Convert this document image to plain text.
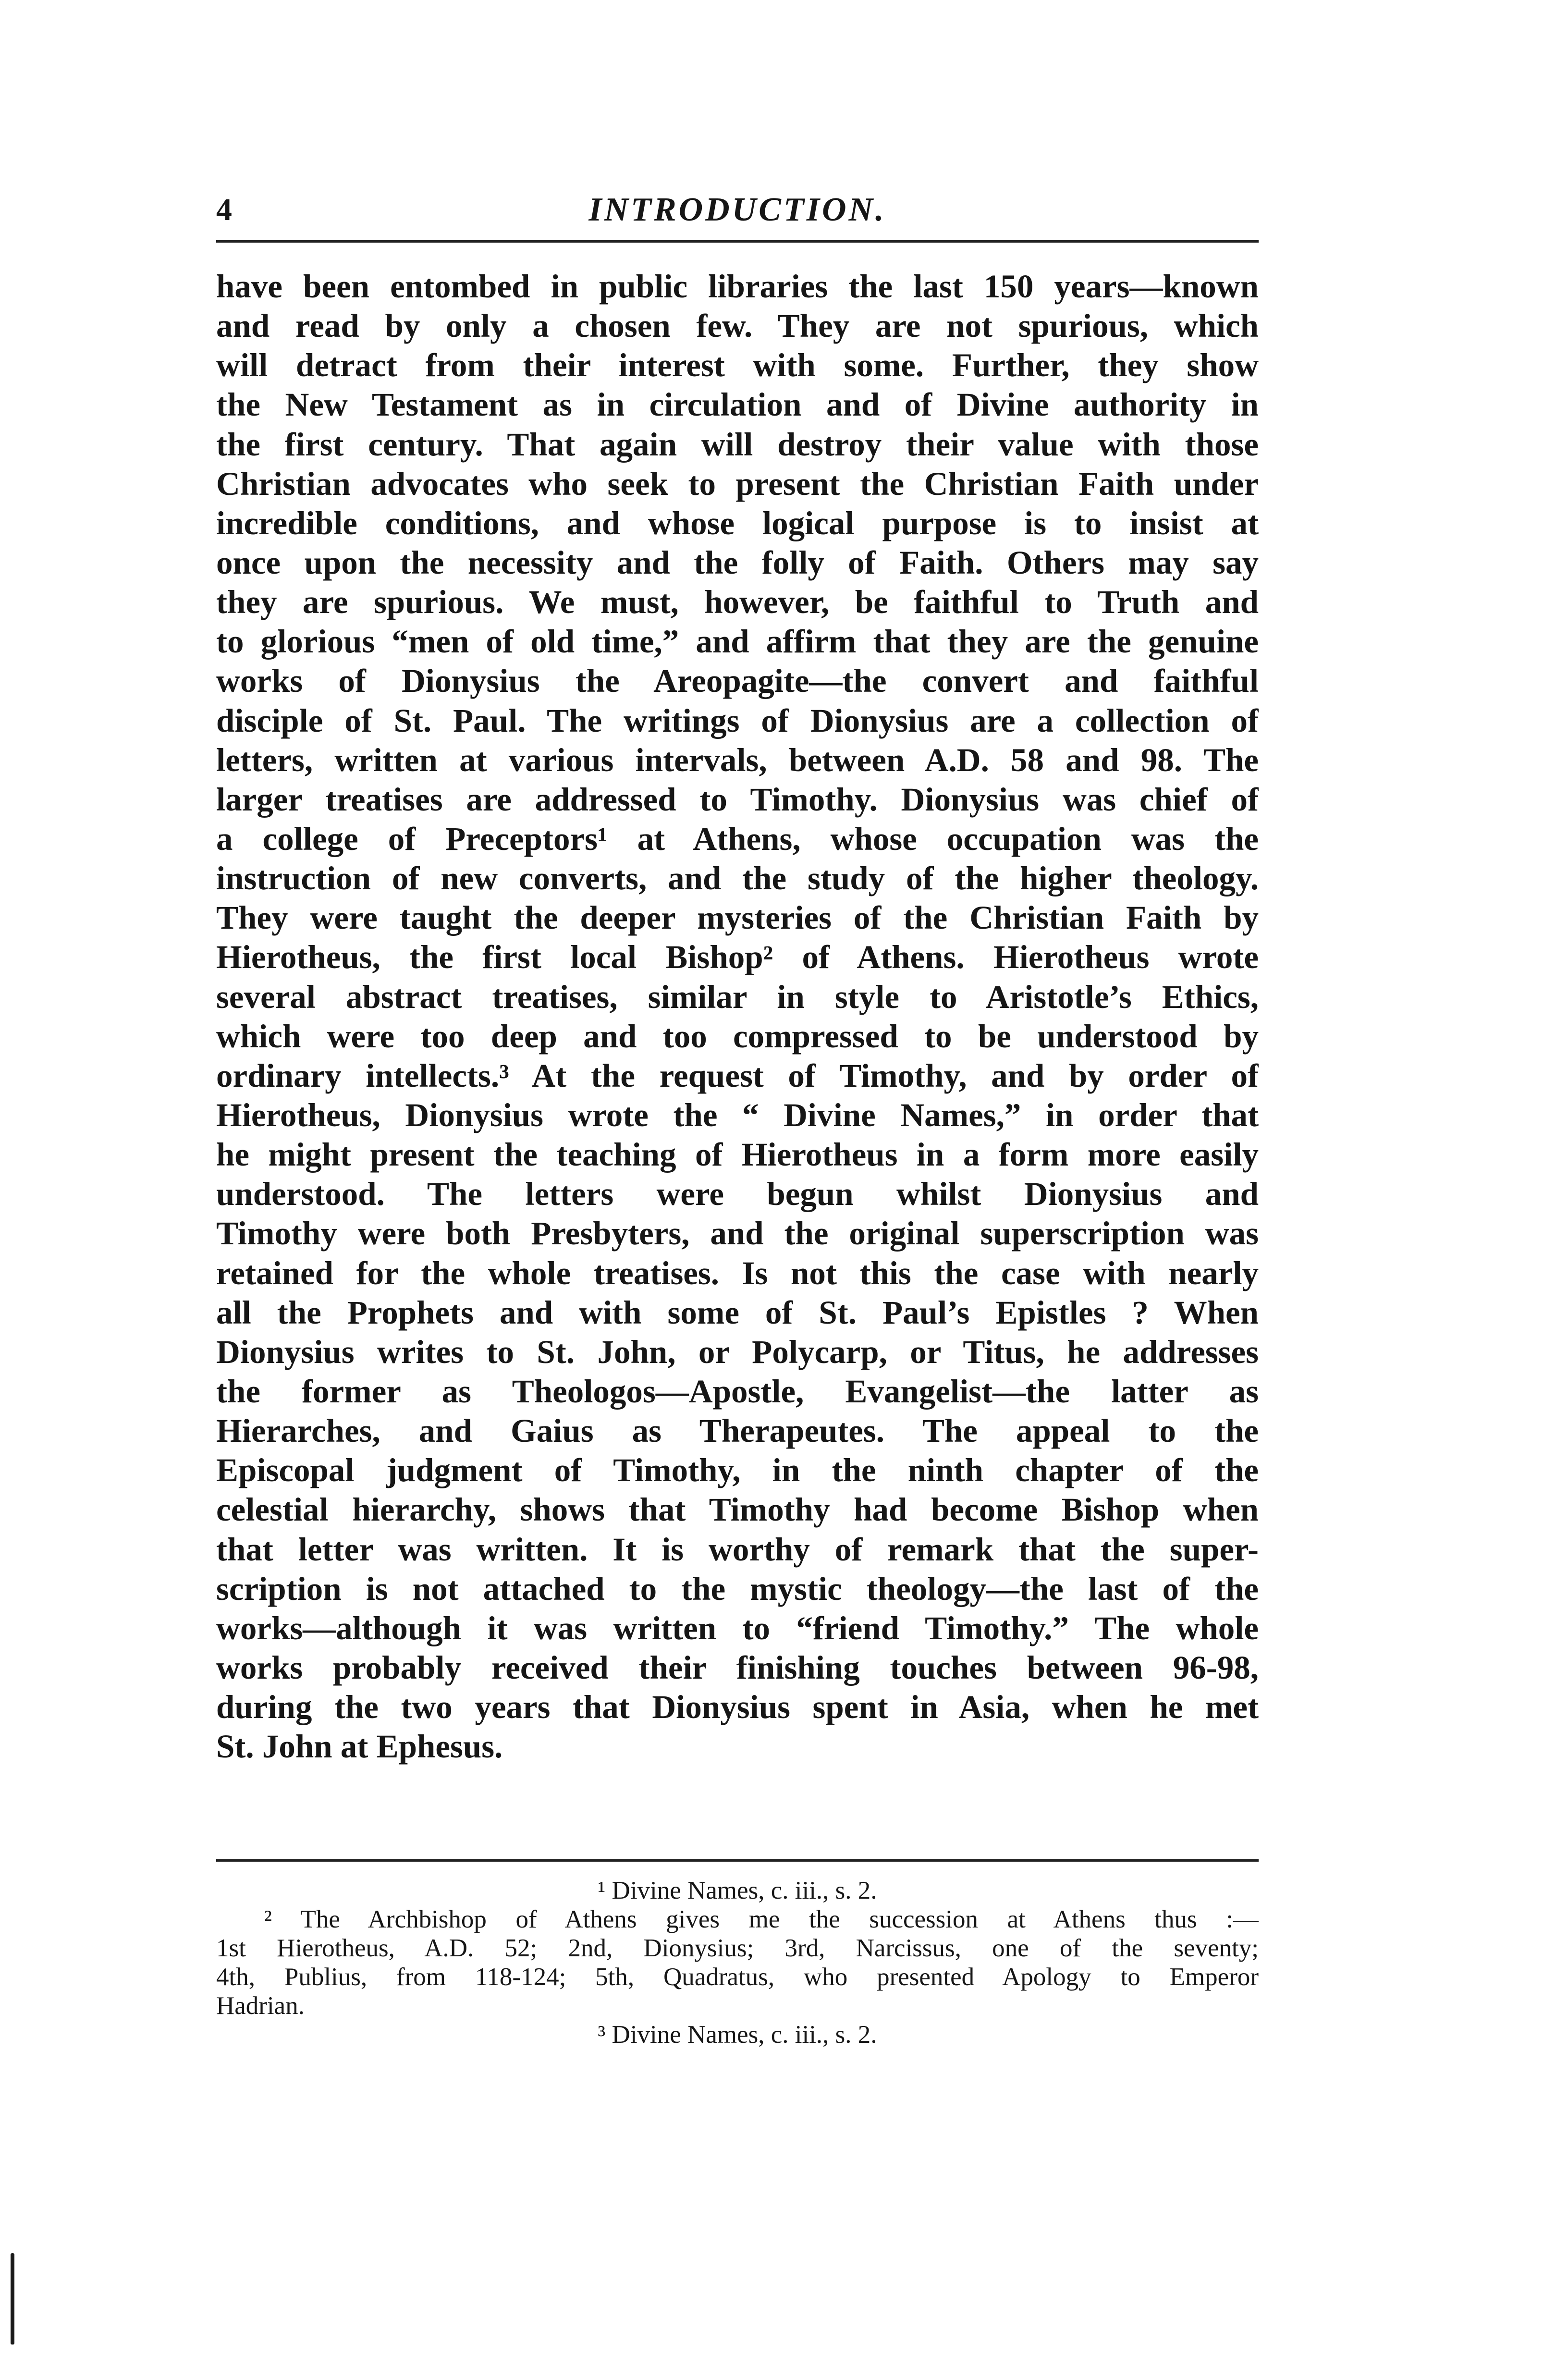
4	INTRODUCTION.
have been entombed in public libraries the last 150 years—known
and read by only a chosen few. They are not spurious, which
will detract from their interest with some. Further, they show
the New Testament as in circulation and of Divine authority in
the first century. That again will destroy their value with those
Christian advocates who seek to present the Christian Faith under
incredible conditions, and whose logical purpose is to insist at
once upon the necessity and the folly of Faith. Others may say
they are spurious. We must, however, be faithful to Truth and
to glorious “men of old time,” and affirm that they are the genuine
works of Dionysius the Areopagite—the convert and faithful
disciple of St. Paul. The writings of Dionysius are a collection of
letters, written at various intervals, between A.D. 58 and 98. The
larger treatises are addressed to Timothy. Dionysius was chief of
a college of Preceptors¹ at Athens, whose occupation was the
instruction of new converts, and the study of the higher theology.
They were taught the deeper mysteries of the Christian Faith by
Hierotheus, the first local Bishop² of Athens. Hierotheus wrote
several abstract treatises, similar in style to Aristotle’s Ethics,
which were too deep and too compressed to be understood by
ordinary intellects.³ At the request of Timothy, and by order of
Hierotheus, Dionysius wrote the “ Divine Names,” in order that
he might present the teaching of Hierotheus in a form more easily
understood. The letters were begun whilst Dionysius and
Timothy were both Presbyters, and the original superscription was
retained for the whole treatises. Is not this the case with nearly
all the Prophets and with some of St. Paul’s Epistles ? When
Dionysius writes to St. John, or Polycarp, or Titus, he addresses
the former as Theologos—Apostle, Evangelist—the latter as
Hierarches, and Gaius as Therapeutes. The appeal to the
Episcopal judgment of Timothy, in the ninth chapter of the
celestial hierarchy, shows that Timothy had become Bishop when
that letter was written. It is worthy of remark that the super-
scription is not attached to the mystic theology—the last of the
works—although it was written to “friend Timothy.” The whole
works probably received their finishing touches between 96-98,
during the two years that Dionysius spent in Asia, when he met
St. John at Ephesus.
¹ Divine Names, c. iii., s. 2.
² The Archbishop of Athens gives me the succession at Athens thus :—
1st Hierotheus, A.D. 52; 2nd, Dionysius; 3rd, Narcissus, one of the seventy;
4th, Publius, from 118-124; 5th, Quadratus, who presented Apology to Emperor
Hadrian.
³ Divine Names, c. iii., s. 2.
